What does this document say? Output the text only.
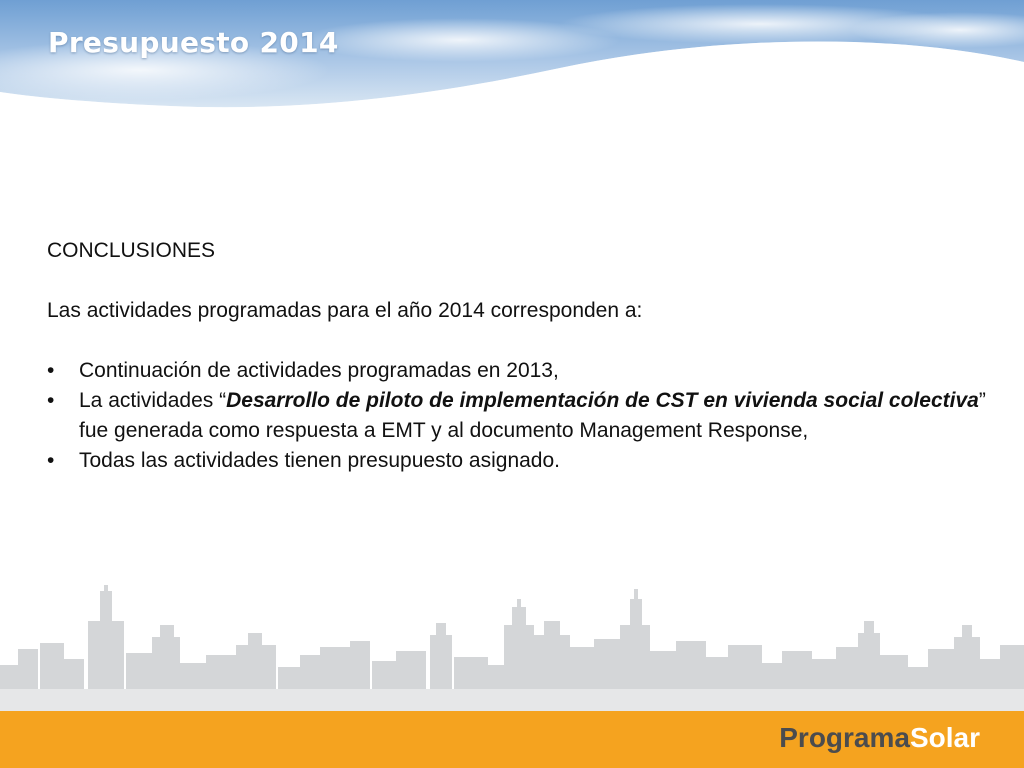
Presupuesto 2014

CONCLUSIONES

Las actividades programadas para el año 2014 corresponden a:

• Continuación de actividades programadas en 2013,
• La actividades “Desarrollo de piloto de implementación de CST en vivienda social colectiva” fue generada como respuesta a EMT y al documento Management Response,
• Todas las actividades tienen presupuesto asignado.
ProgramaSolar
